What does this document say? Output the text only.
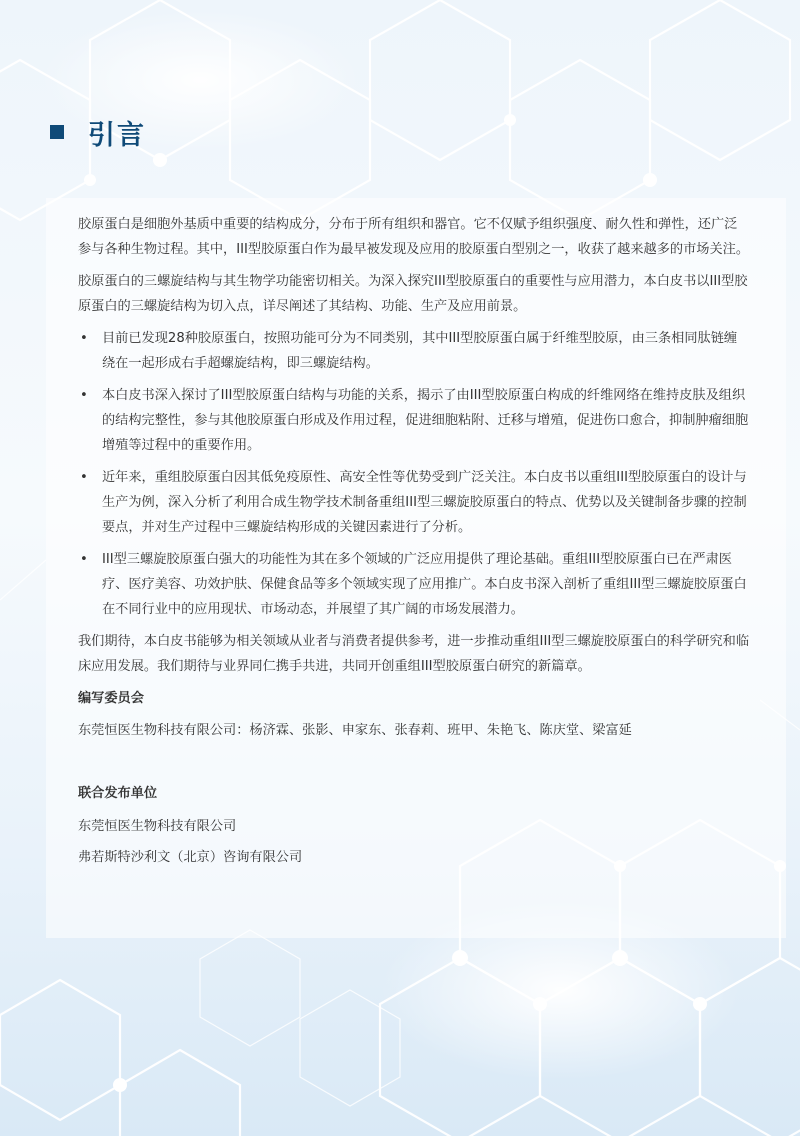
引言

胶原蛋白是细胞外基质中重要的结构成分，分布于所有组织和器官。它不仅赋予组织强度、耐久性和弹性，还广泛参与各种生物过程。其中，III型胶原蛋白作为最早被发现及应用的胶原蛋白型别之一，收获了越来越多的市场关注。

胶原蛋白的三螺旋结构与其生物学功能密切相关。为深入探究III型胶原蛋白的重要性与应用潜力，本白皮书以III型胶原蛋白的三螺旋结构为切入点，详尽阐述了其结构、功能、生产及应用前景。

• 目前已发现28种胶原蛋白，按照功能可分为不同类别，其中III型胶原蛋白属于纤维型胶原，由三条相同肽链缠绕在一起形成右手超螺旋结构，即三螺旋结构。
• 本白皮书深入探讨了III型胶原蛋白结构与功能的关系，揭示了由III型胶原蛋白构成的纤维网络在维持皮肤及组织的结构完整性，参与其他胶原蛋白形成及作用过程，促进细胞粘附、迁移与增殖，促进伤口愈合，抑制肿瘤细胞增殖等过程中的重要作用。
• 近年来，重组胶原蛋白因其低免疫原性、高安全性等优势受到广泛关注。本白皮书以重组III型胶原蛋白的设计与生产为例，深入分析了利用合成生物学技术制备重组III型三螺旋胶原蛋白的特点、优势以及关键制备步骤的控制要点，并对生产过程中三螺旋结构形成的关键因素进行了分析。
• III型三螺旋胶原蛋白强大的功能性为其在多个领域的广泛应用提供了理论基础。重组III型胶原蛋白已在严肃医疗、医疗美容、功效护肤、保健食品等多个领域实现了应用推广。本白皮书深入剖析了重组III型三螺旋胶原蛋白在不同行业中的应用现状、市场动态，并展望了其广阔的市场发展潜力。

我们期待，本白皮书能够为相关领域从业者与消费者提供参考，进一步推动重组III型三螺旋胶原蛋白的科学研究和临床应用发展。我们期待与业界同仁携手共进，共同开创重组III型胶原蛋白研究的新篇章。

编写委员会

东莞恒医生物科技有限公司：杨济霖、张影、申家东、张春莉、班甲、朱艳飞、陈庆堂、梁富延

联合发布单位

东莞恒医生物科技有限公司

弗若斯特沙利文（北京）咨询有限公司
